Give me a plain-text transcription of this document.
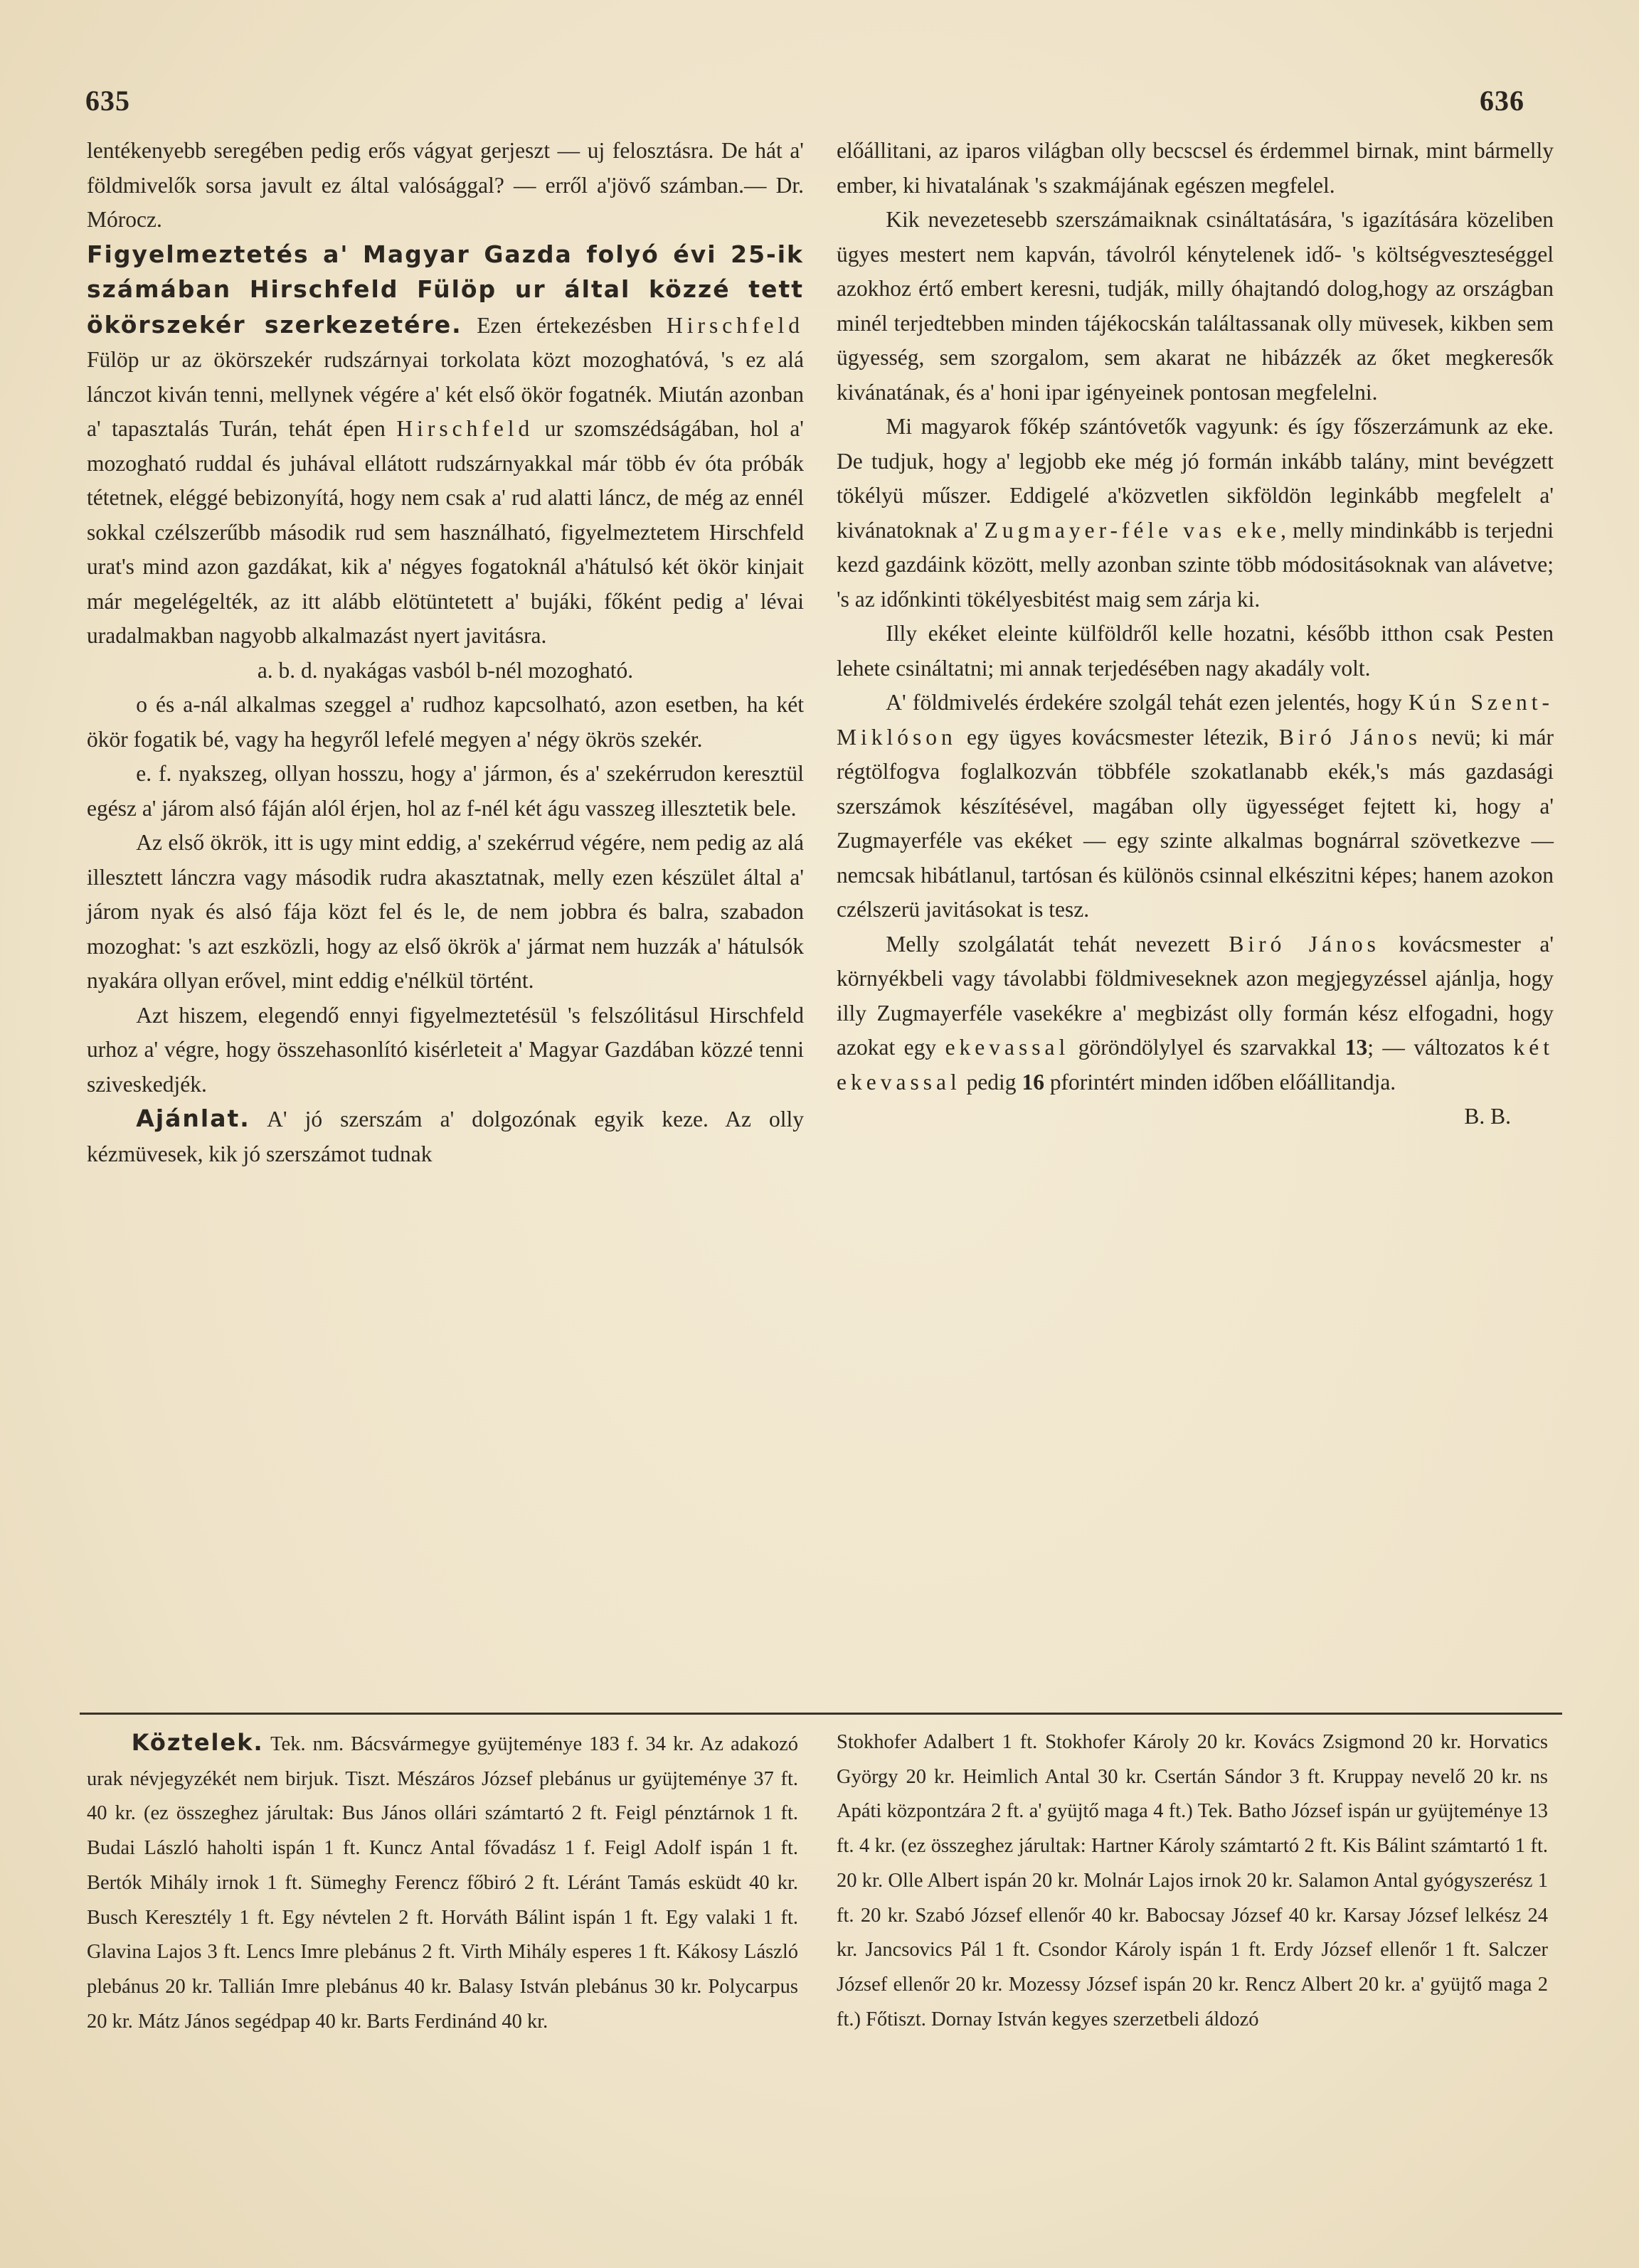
635	636

lentékenyebb seregében pedig erős vágyat gerjeszt — uj felosztásra. De hát a' földmivelők sorsa javult ez által valósággal? — erről a'jövő számban.— Dr. Mórocz.

Figyelmeztetés a' Magyar Gazda folyó évi 25-ik számában Hirschfeld Fülöp ur által közzé tett ökörszekér szerkezetére. Ezen értekezésben Hirschfeld Fülöp ur az ökörszekér rudszárnyai torkolata közt mozoghatóvá, 's ez alá lánczot kiván tenni, mellynek végére a' két első ökör fogatnék. Miután azonban a' tapasztalás Turán, tehát épen Hirschfeld ur szomszédságában, hol a' mozogható ruddal és juhával ellátott rudszárnyakkal már több év óta próbák tétetnek, eléggé bebizonyítá, hogy nem csak a' rud alatti láncz, de még az ennél sokkal czélszerűbb második rud sem használható, figyelmeztetem Hirschfeld urat's mind azon gazdákat, kik a' négyes fogatoknál a'hátulsó két ökör kinjait már megelégelték, az itt alább elötüntetett a' bujáki, főként pedig a' lévai uradalmakban nagyobb alkalmazást nyert javitásra.

a. b. d. nyakágas vasból b-nél mozogható.

o és a-nál alkalmas szeggel a' rudhoz kapcsolható, azon esetben, ha két ökör fogatik bé, vagy ha hegyről lefelé megyen a' négy ökrös szekér.

e. f. nyakszeg, ollyan hosszu, hogy a' jármon, és a' szekérrudon keresztül egész a' járom alsó fáján alól érjen, hol az f-nél két águ vasszeg illesztetik bele.

Az első ökrök, itt is ugy mint eddig, a' szekérrud végére, nem pedig az alá illesztett lánczra vagy második rudra akasztatnak, melly ezen készület által a' járom nyak és alsó fája közt fel és le, de nem jobbra és balra, szabadon mozoghat: 's azt eszközli, hogy az első ökrök a' jármat nem huzzák a' hátulsók nyakára ollyan erővel, mint eddig e'nélkül történt.

Azt hiszem, elegendő ennyi figyelmeztetésül 's felszólitásul Hirschfeld urhoz a' végre, hogy összehasonlító kisérleteit a' Magyar Gazdában közzé tenni sziveskedjék.

Ajánlat. A' jó szerszám a' dolgozónak egyik keze. Az olly kézmüvesek, kik jó szerszámot tudnak

előállitani, az iparos világban olly becscsel és érdemmel birnak, mint bármelly ember, ki hivatalának 's szakmájának egészen megfelel.

Kik nevezetesebb szerszámaiknak csináltatására, 's igazítására közeliben ügyes mestert nem kapván, távolról kénytelenek idő- 's költségveszteséggel azokhoz értő embert keresni, tudják, milly óhajtandó dolog,hogy az országban minél terjedtebben minden tájékocskán találtassanak olly müvesek, kikben sem ügyesség, sem szorgalom, sem akarat ne hibázzék az őket megkeresők kivánatának, és a' honi ipar igényeinek pontosan megfelelni.

Mi magyarok főkép szántóvetők vagyunk: és így főszerzámunk az eke. De tudjuk, hogy a' legjobb eke még jó formán inkább talány, mint bevégzett tökélyü műszer. Eddigelé a'közvetlen sikföldön leginkább megfelelt a' kivánatoknak a' Zugmayer-féle vas eke, melly mindinkább is terjedni kezd gazdáink között, melly azonban szinte több módositásoknak van alávetve; 's az időnkinti tökélyesbitést maig sem zárja ki.

Illy ekéket eleinte külföldről kelle hozatni, később itthon csak Pesten lehete csináltatni; mi annak terjedésében nagy akadály volt.

A' földmivelés érdekére szolgál tehát ezen jelentés, hogy Kún Szent-Miklóson egy ügyes kovácsmester létezik, Biró János nevü; ki már régtölfogva foglalkozván többféle szokatlanabb ekék,'s más gazdasági szerszámok készítésével, magában olly ügyességet fejtett ki, hogy a' Zugmayerféle vas ekéket — egy szinte alkalmas bognárral szövetkezve — nemcsak hibátlanul, tartósan és különös csinnal elkészitni képes; hanem azokon czélszerü javitásokat is tesz.

Melly szolgálatát tehát nevezett Biró János kovácsmester a' környékbeli vagy távolabbi földmiveseknek azon megjegyzéssel ajánlja, hogy illy Zugmayerféle vasekékre a' megbizást olly formán kész elfogadni, hogy azokat egy ekevassal göröndölylyel és szarvakkal 13; — változatos két ekevassal pedig 16 pforintért minden időben előállitandja.

B. B.

Köztelek. Tek. nm. Bácsvármegye gyüjteménye 183 f. 34 kr. Az adakozó urak névjegyzékét nem birjuk. Tiszt. Mészáros József plebánus ur gyüjteménye 37 ft. 40 kr. (ez összeghez járultak: Bus János ollári számtartó 2 ft. Feigl pénztárnok 1 ft. Budai László haholti ispán 1 ft. Kuncz Antal fővadász 1 f. Feigl Adolf ispán 1 ft. Bertók Mihály irnok 1 ft. Sümeghy Ferencz főbiró 2 ft. Léránt Tamás esküdt 40 kr. Busch Keresztély 1 ft. Egy névtelen 2 ft. Horváth Bálint ispán 1 ft. Egy valaki 1 ft. Glavina Lajos 3 ft. Lencs Imre plebánus 2 ft. Virth Mihály esperes 1 ft. Kákosy László plebánus 20 kr. Tallián Imre plebánus 40 kr. Balasy István plebánus 30 kr. Polycarpus 20 kr. Mátz János segédpap 40 kr. Barts Ferdinánd 40 kr.

Stokhofer Adalbert 1 ft. Stokhofer Károly 20 kr. Kovács Zsigmond 20 kr. Horvatics György 20 kr. Heimlich Antal 30 kr. Csertán Sándor 3 ft. Kruppay nevelő 20 kr. ns Apáti központzára 2 ft. a' gyüjtő maga 4 ft.) Tek. Batho József ispán ur gyüjteménye 13 ft. 4 kr. (ez összeghez járultak: Hartner Károly számtartó 2 ft. Kis Bálint számtartó 1 ft. 20 kr. Olle Albert ispán 20 kr. Molnár Lajos irnok 20 kr. Salamon Antal gyógyszerész 1 ft. 20 kr. Szabó József ellenőr 40 kr. Babocsay József 40 kr. Karsay József lelkész 24 kr. Jancsovics Pál 1 ft. Csondor Károly ispán 1 ft. Erdy József ellenőr 1 ft. Salczer József ellenőr 20 kr. Mozessy József ispán 20 kr. Rencz Albert 20 kr. a' gyüjtő maga 2 ft.) Főtiszt. Dornay István kegyes szerzetbeli áldozó
